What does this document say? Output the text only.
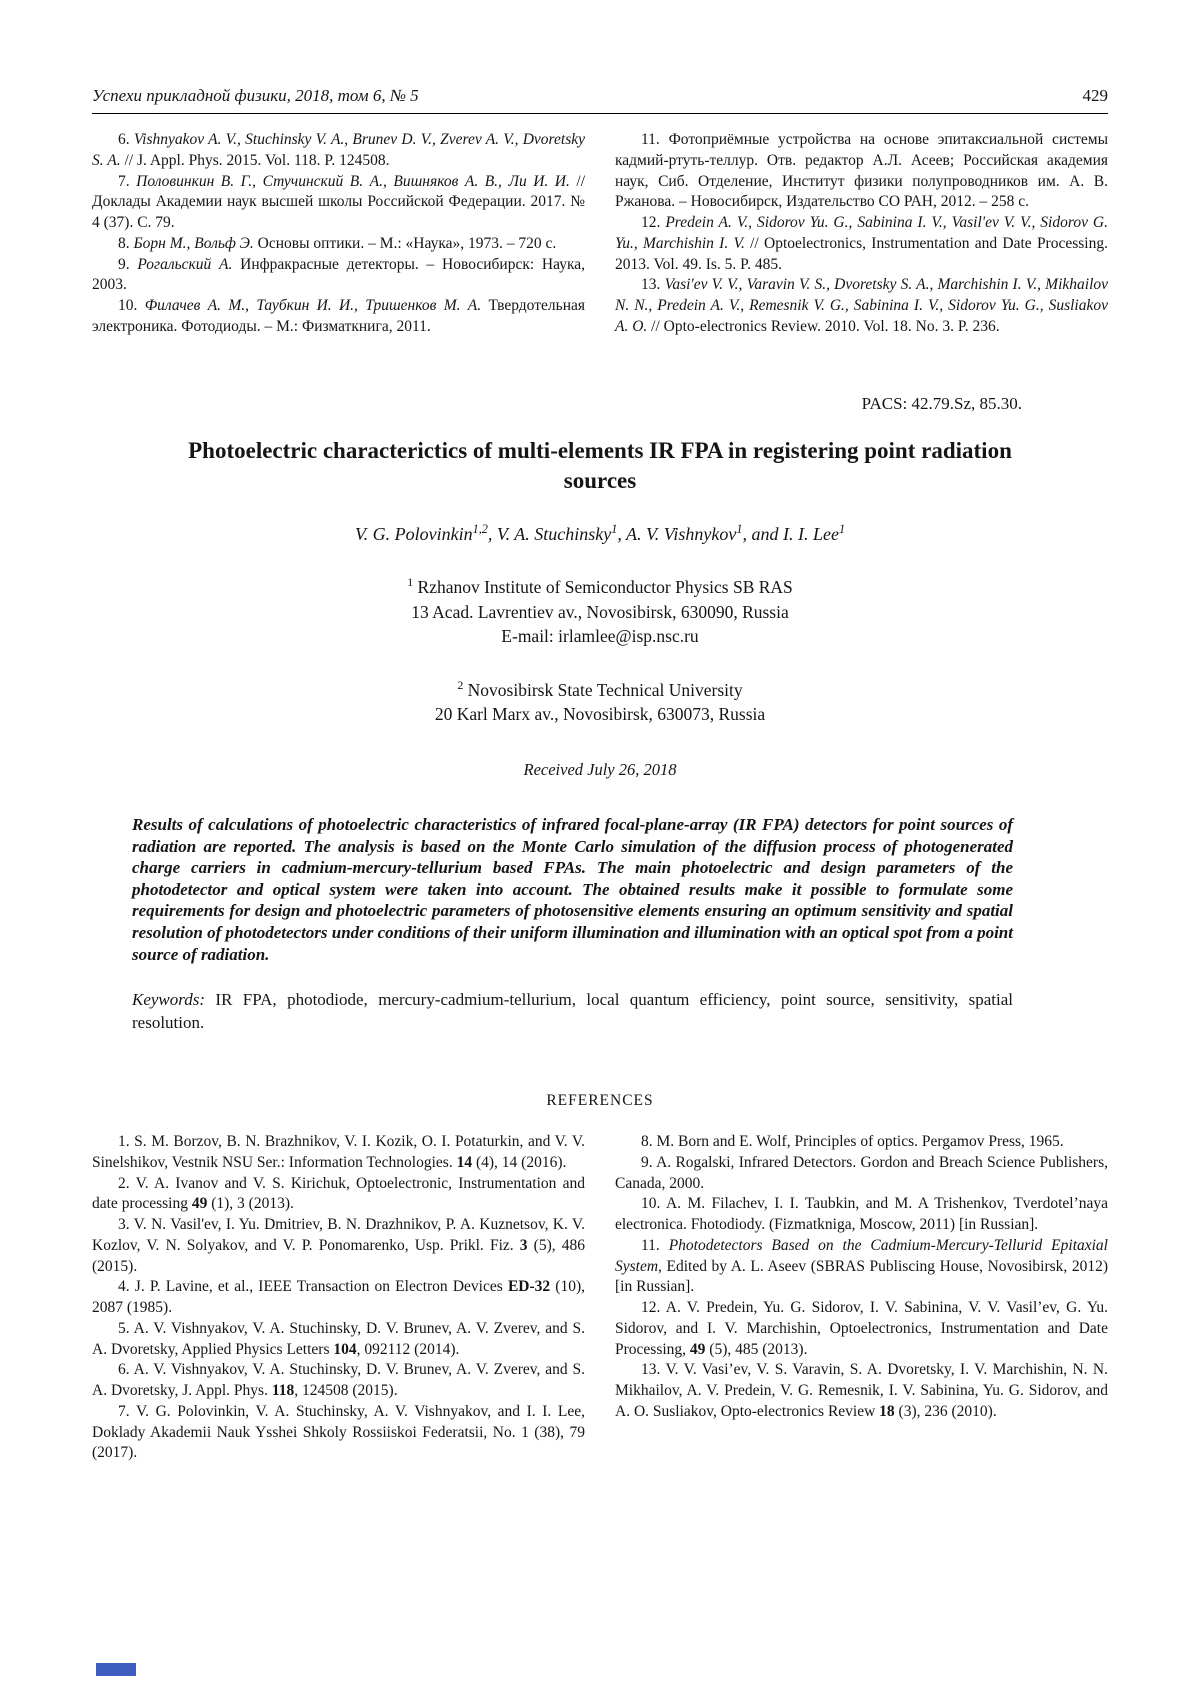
Успехи прикладной физики, 2018, том 6, № 5	429

6. Vishnyakov A. V., Stuchinsky V. A., Brunev D. V., Zverev A. V., Dvoretsky S. A. // J. Appl. Phys. 2015. Vol. 118. P. 124508.

7. Половинкин В. Г., Стучинский В. А., Вишняков А. В., Ли И. И. // Доклады Академии наук высшей школы Российской Федерации. 2017. № 4 (37). С. 79.

8. Борн М., Вольф Э. Основы оптики. – М.: «Наука», 1973. – 720 с.

9. Рогальский А. Инфракрасные детекторы. – Новосибирск: Наука, 2003.

10. Филачев А. М., Таубкин И. И., Тришенков М. А. Твердотельная электроника. Фотодиоды. – М.: Физматкнига, 2011.

11. Фотоприёмные устройства на основе эпитаксиальной системы кадмий-ртуть-теллур. Отв. редактор А.Л. Асеев; Российская академия наук, Сиб. Отделение, Институт физики полупроводников им. А. В. Ржанова. – Новосибирск, Издательство СО РАН, 2012. – 258 с.

12. Predein A. V., Sidorov Yu. G., Sabinina I. V., Vasil'ev V. V., Sidorov G. Yu., Marchishin I. V. // Optoelectronics, Instrumentation and Date Processing. 2013. Vol. 49. Is. 5. P. 485.

13. Vasi'ev V. V., Varavin V. S., Dvoretsky S. A., Marchishin I. V., Mikhailov N. N., Predein A. V., Remesnik V. G., Sabinina I. V., Sidorov Yu. G., Susliakov A. O. // Opto-electronics Review. 2010. Vol. 18. No. 3. P. 236.

PACS: 42.79.Sz, 85.30.

Photoelectric characterictics of multi-elements IR FPA in registering point radiation sources

V. G. Polovinkin$^{1,2}$, V. A. Stuchinsky$^1$, A. V. Vishnykov$^1$, and I. I. Lee$^1$

$^1$ Rzhanov Institute of Semiconductor Physics SB RAS

13 Acad. Lavrentiev av., Novosibirsk, 630090, Russia

E-mail: irlamlee@isp.nsc.ru

$^2$ Novosibirsk State Technical University

20 Karl Marx av., Novosibirsk, 630073, Russia

Received July 26, 2018

Results of calculations of photoelectric characteristics of infrared focal-plane-array (IR FPA) detectors for point sources of radiation are reported. The analysis is based on the Monte Carlo simulation of the diffusion process of photogenerated charge carriers in cadmium-mercury-tellurium based FPAs. The main photoelectric and design parameters of the photodetector and optical system were taken into account. The obtained results make it possible to formulate some requirements for design and photoelectric parameters of photosensitive elements ensuring an optimum sensitivity and spatial resolution of photodetectors under conditions of their uniform illumination and illumination with an optical spot from a point source of radiation.

Keywords: IR FPA, photodiode, mercury-cadmium-tellurium, local quantum efficiency, point source, sensitivity, spatial resolution.

REFERENCES

1. S. M. Borzov, B. N. Brazhnikov, V. I. Kozik, O. I. Potaturkin, and V. V. Sinelshikov, Vestnik NSU Ser.: Information Technologies. 14 (4), 14 (2016).

2. V. A. Ivanov and V. S. Kirichuk, Optoelectronic, Instrumentation and date processing 49 (1), 3 (2013).

3. V. N. Vasil'ev, I. Yu. Dmitriev, B. N. Drazhnikov, P. A. Kuznetsov, K. V. Kozlov, V. N. Solyakov, and V. P. Ponomarenko, Usp. Prikl. Fiz. 3 (5), 486 (2015).

4. J. P. Lavine, et al., IEEE Transaction on Electron Devices ED-32 (10), 2087 (1985).

5. A. V. Vishnyakov, V. A. Stuchinsky, D. V. Brunev, A. V. Zverev, and S. A. Dvoretsky, Applied Physics Letters 104, 092112 (2014).

6. A. V. Vishnyakov, V. A. Stuchinsky, D. V. Brunev, A. V. Zverev, and S. A. Dvoretsky, J. Appl. Phys. 118, 124508 (2015).

7. V. G. Polovinkin, V. A. Stuchinsky, A. V. Vishnyakov, and I. I. Lee, Doklady Akademii Nauk Ysshei Shkoly Rossiiskoi Federatsii, No. 1 (38), 79 (2017).

8. M. Born and E. Wolf, Principles of optics. Pergamov Press, 1965.

9. A. Rogalski, Infrared Detectors. Gordon and Breach Science Publishers, Canada, 2000.

10. A. M. Filachev, I. I. Taubkin, and M. A Trishenkov, Tverdotel’naya electronica. Fhotodiody. (Fizmatkniga, Moscow, 2011) [in Russian].

11. Photodetectors Based on the Cadmium-Mercury-Tellurid Epitaxial System, Edited by A. L. Aseev (SBRAS Publiscing House, Novosibirsk, 2012) [in Russian].

12. A. V. Predein, Yu. G. Sidorov, I. V. Sabinina, V. V. Vasil’ev, G. Yu. Sidorov, and I. V. Marchishin, Optoelectronics, Instrumentation and Date Processing, 49 (5), 485 (2013).

13. V. V. Vasi’ev, V. S. Varavin, S. A. Dvoretsky, I. V. Marchishin, N. N. Mikhailov, A. V. Predein, V. G. Remesnik, I. V. Sabinina, Yu. G. Sidorov, and A. O. Susliakov, Opto-electronics Review 18 (3), 236 (2010).
